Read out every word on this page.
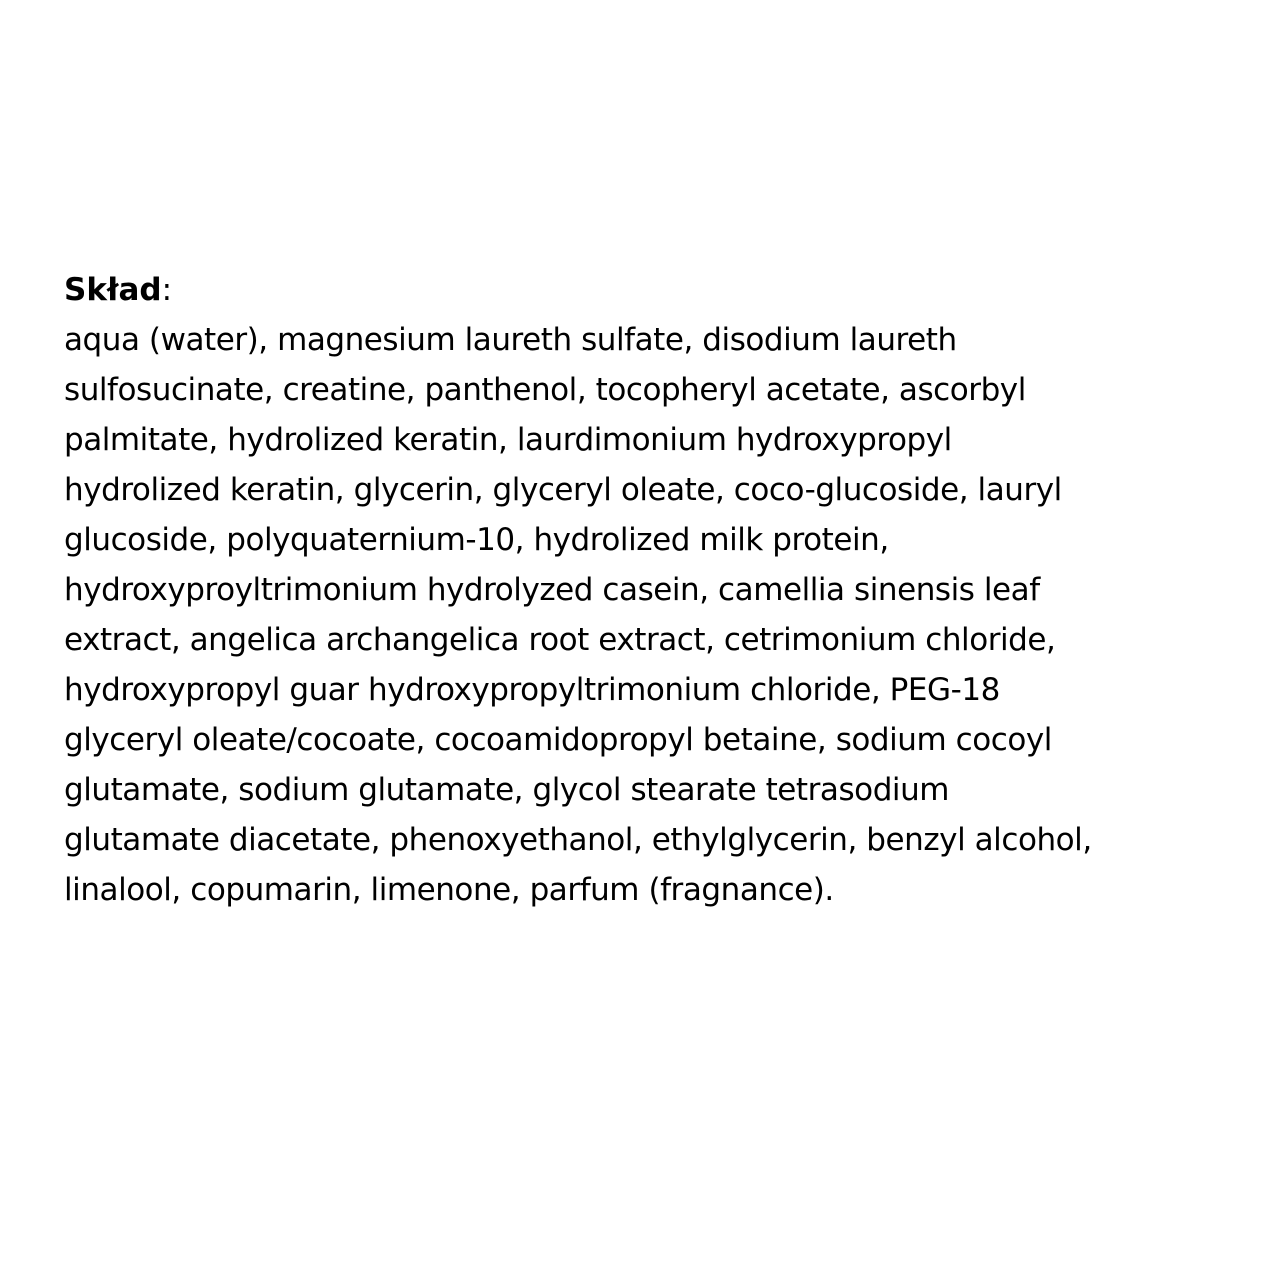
Skład:
aqua (water), magnesium laureth sulfate, disodium laureth
sulfosucinate, creatine, panthenol, tocopheryl acetate, ascorbyl
palmitate, hydrolized keratin, laurdimonium hydroxypropyl
hydrolized keratin, glycerin, glyceryl oleate, coco-glucoside, lauryl
glucoside, polyquaternium-10, hydrolized milk protein,
hydroxyproyltrimonium hydrolyzed casein, camellia sinensis leaf
extract, angelica archangelica root extract, cetrimonium chloride,
hydroxypropyl guar hydroxypropyltrimonium chloride, PEG-18
glyceryl oleate/cocoate, cocoamidopropyl betaine, sodium cocoyl
glutamate, sodium glutamate, glycol stearate tetrasodium
glutamate diacetate, phenoxyethanol, ethylglycerin, benzyl alcohol,
linalool, copumarin, limenone, parfum (fragnance).
